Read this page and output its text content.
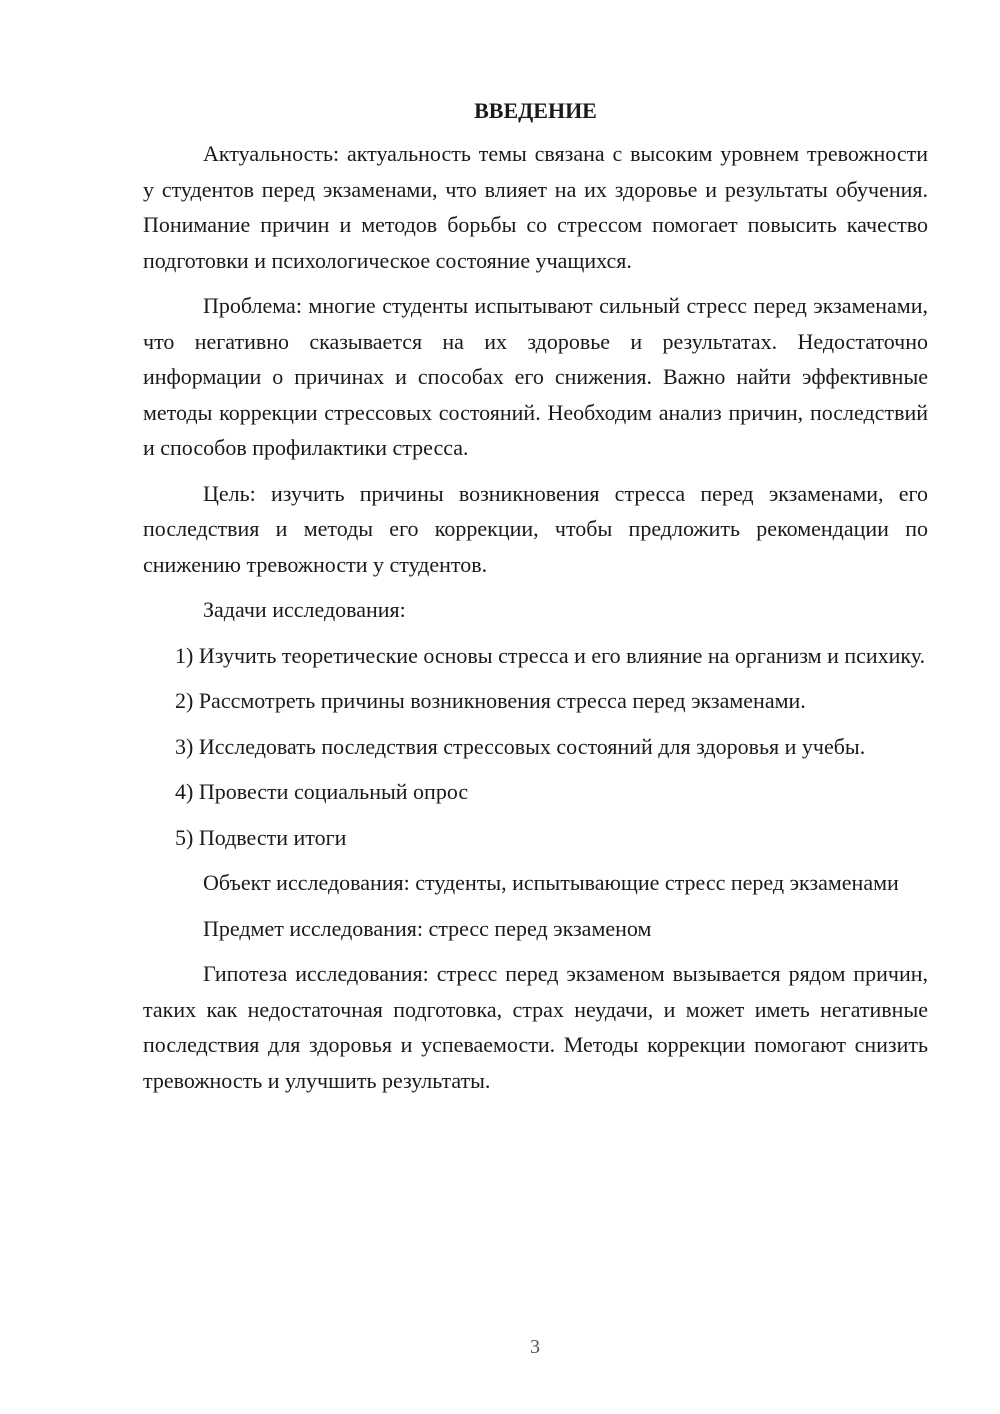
ВВЕДЕНИЕ

Актуальность: актуальность темы связана с высоким уровнем тревожности у студентов перед экзаменами, что влияет на их здоровье и результаты обучения. Понимание причин и методов борьбы со стрессом помогает повысить качество подготовки и психологическое состояние учащихся.

Проблема: многие студенты испытывают сильный стресс перед экзаменами, что негативно сказывается на их здоровье и результатах. Недостаточно информации о причинах и способах его снижения. Важно найти эффективные методы коррекции стрессовых состояний. Необходим анализ причин, последствий и способов профилактики стресса.

Цель: изучить причины возникновения стресса перед экзаменами, его последствия и методы его коррекции, чтобы предложить рекомендации по снижению тревожности у студентов.

Задачи исследования:

1) Изучить теоретические основы стресса и его влияние на организм и психику.

2) Рассмотреть причины возникновения стресса перед экзаменами.

3) Исследовать последствия стрессовых состояний для здоровья и учебы.

4) Провести социальный опрос

5) Подвести итоги

Объект исследования: студенты, испытывающие стресс перед экзаменами

Предмет исследования: стресс перед экзаменом

Гипотеза исследования: стресс перед экзаменом вызывается рядом причин, таких как недостаточная подготовка, страх неудачи, и может иметь негативные последствия для здоровья и успеваемости. Методы коррекции помогают снизить тревожность и улучшить результаты.

3
